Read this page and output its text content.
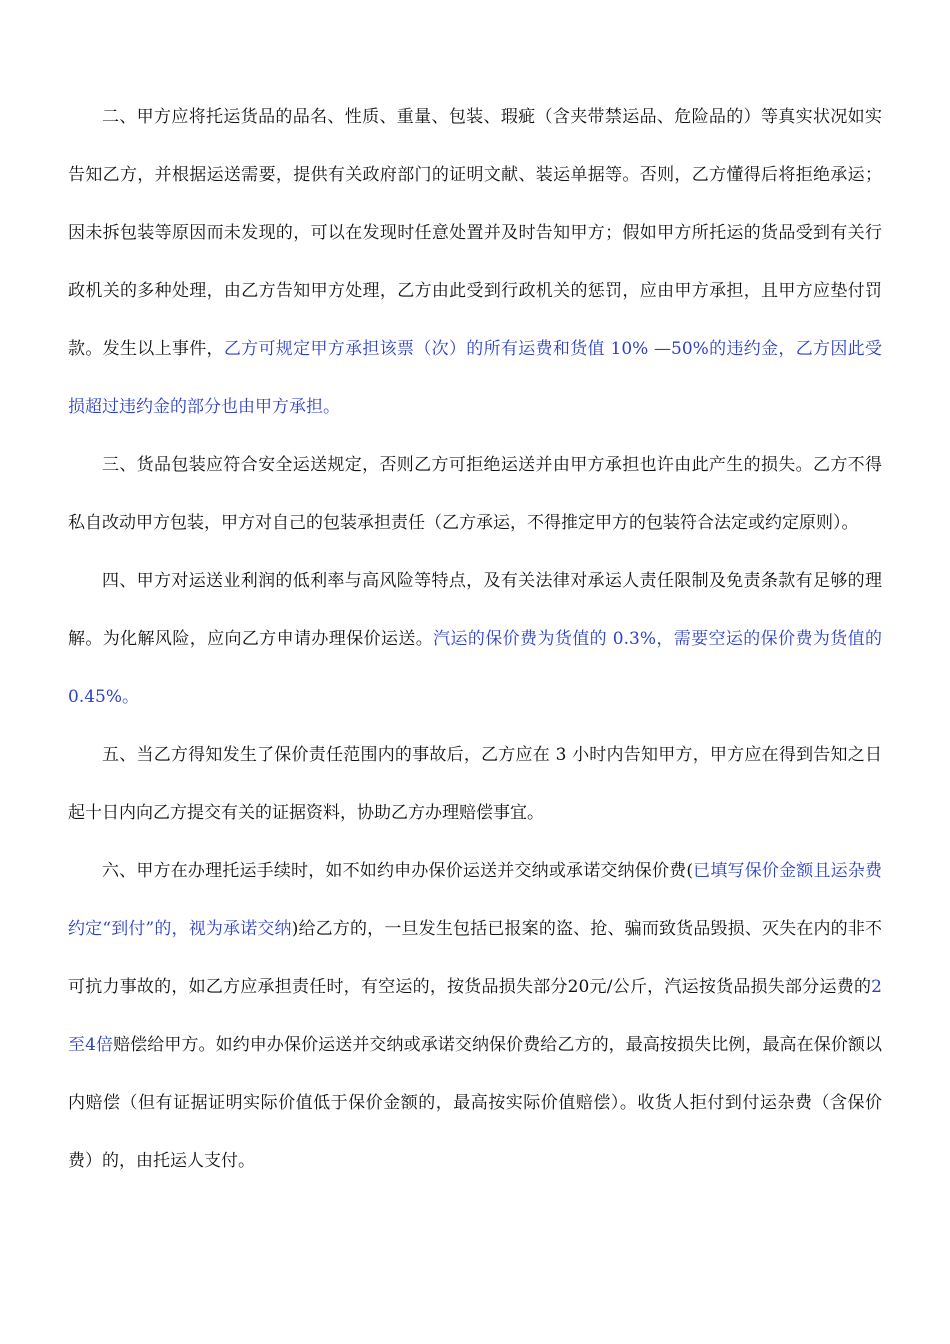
二、甲方应将托运货品的品名、性质、重量、包装、瑕疵（含夹带禁运品、危险品的）等真实状况如实告知乙方，并根据运送需要，提供有关政府部门的证明文献、装运单据等。否则，乙方懂得后将拒绝承运；因未拆包装等原因而未发现的，可以在发现时任意处置并及时告知甲方；假如甲方所托运的货品受到有关行政机关的多种处理，由乙方告知甲方处理，乙方由此受到行政机关的惩罚，应由甲方承担，且甲方应垫付罚款。发生以上事件，乙方可规定甲方承担该票（次）的所有运费和货值 10% —50%的违约金，乙方因此受损超过违约金的部分也由甲方承担。

三、货品包装应符合安全运送规定，否则乙方可拒绝运送并由甲方承担也许由此产生的损失。乙方不得私自改动甲方包装，甲方对自己的包装承担责任（乙方承运，不得推定甲方的包装符合法定或约定原则）。

四、甲方对运送业利润的低利率与高风险等特点，及有关法律对承运人责任限制及免责条款有足够的理解。为化解风险，应向乙方申请办理保价运送。汽运的保价费为货值的 0.3%，需要空运的保价费为货值的 0.45%。

五、当乙方得知发生了保价责任范围内的事故后，乙方应在 3 小时内告知甲方，甲方应在得到告知之日起十日内向乙方提交有关的证据资料，协助乙方办理赔偿事宜。

六、甲方在办理托运手续时，如不如约申办保价运送并交纳或承诺交纳保价费(已填写保价金额且运杂费约定“到付”的，视为承诺交纳)给乙方的，一旦发生包括已报案的盗、抢、骗而致货品毁损、灭失在内的非不可抗力事故的，如乙方应承担责任时，有空运的，按货品损失部分20元/公斤，汽运按货品损失部分运费的2至4倍赔偿给甲方。如约申办保价运送并交纳或承诺交纳保价费给乙方的，最高按损失比例，最高在保价额以内赔偿（但有证据证明实际价值低于保价金额的，最高按实际价值赔偿）。收货人拒付到付运杂费（含保价费）的，由托运人支付。
